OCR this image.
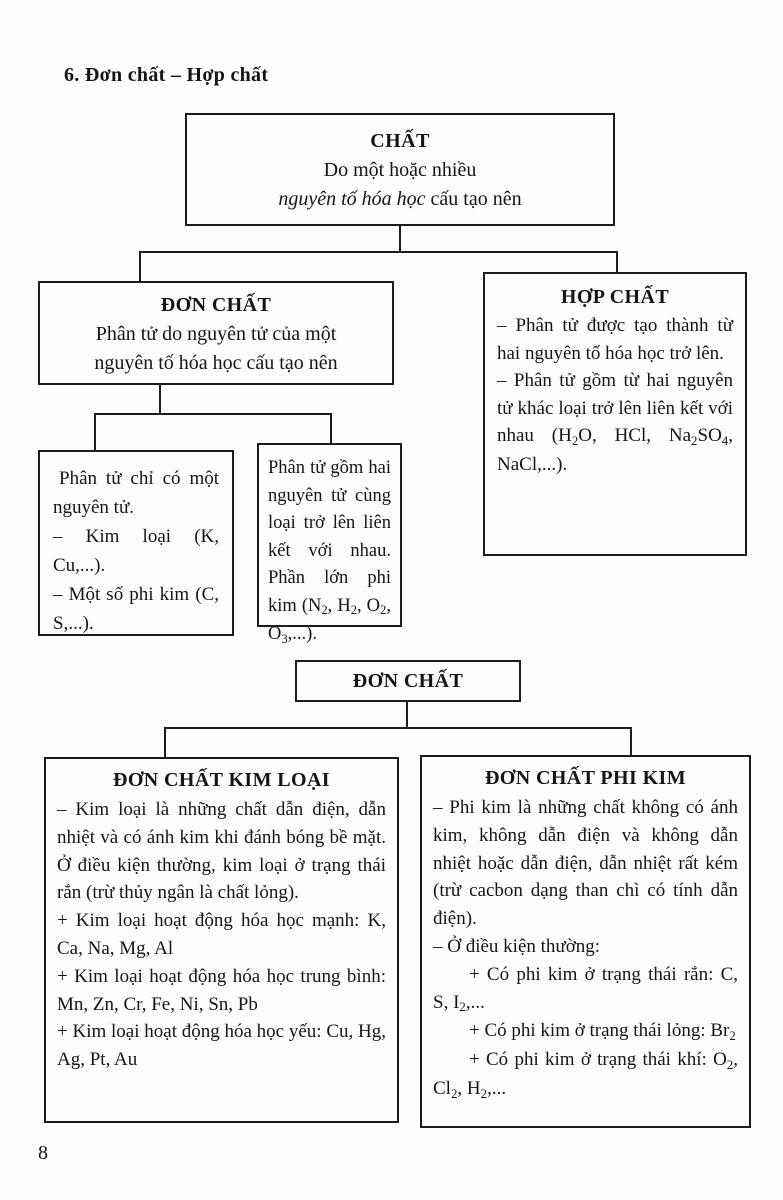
6. Đơn chất – Hợp chất
CHẤT
Do một hoặc nhiều
nguyên tố hóa học cấu tạo nên
ĐƠN CHẤT
Phân tử do nguyên tử của một
nguyên tố hóa học cấu tạo nên
HỢP CHẤT

– Phân tử được tạo thành từ hai nguyên tố hóa học trở lên.

– Phân tử gồm từ hai nguyên tử khác loại trở lên liên kết với nhau ($H_2O$, HCl, $Na_2SO_4$, NaCl,...).

Phân tử chỉ có một nguyên tử.

– Kim loại (K, Cu,...).

– Một số phi kim (C, S,...).

Phân tử gồm hai nguyên tử cùng loại trở lên liên kết với nhau. Phần lớn phi kim ($N_2$, $H_2$, $O_2$, $O_3$,...).

ĐƠN CHẤT
ĐƠN CHẤT KIM LOẠI

– Kim loại là những chất dẫn điện, dẫn nhiệt và có ánh kim khi đánh bóng bề mặt. Ở điều kiện thường, kim loại ở trạng thái rắn (trừ thủy ngân là chất lỏng).

+ Kim loại hoạt động hóa học mạnh: K, Ca, Na, Mg, Al

+ Kim loại hoạt động hóa học trung bình: Mn, Zn, Cr, Fe, Ni, Sn, Pb

+ Kim loại hoạt động hóa học yếu: Cu, Hg, Ag, Pt, Au

ĐƠN CHẤT PHI KIM

– Phi kim là những chất không có ánh kim, không dẫn điện và không dẫn nhiệt hoặc dẫn điện, dẫn nhiệt rất kém (trừ cacbon dạng than chì có tính dẫn điện).

– Ở điều kiện thường:

+ Có phi kim ở trạng thái rắn: C, S, $I_2$,...

+ Có phi kim ở trạng thái lỏng: $Br_2$

+ Có phi kim ở trạng thái khí: $O_2$, $Cl_2$, $H_2$,...

8
